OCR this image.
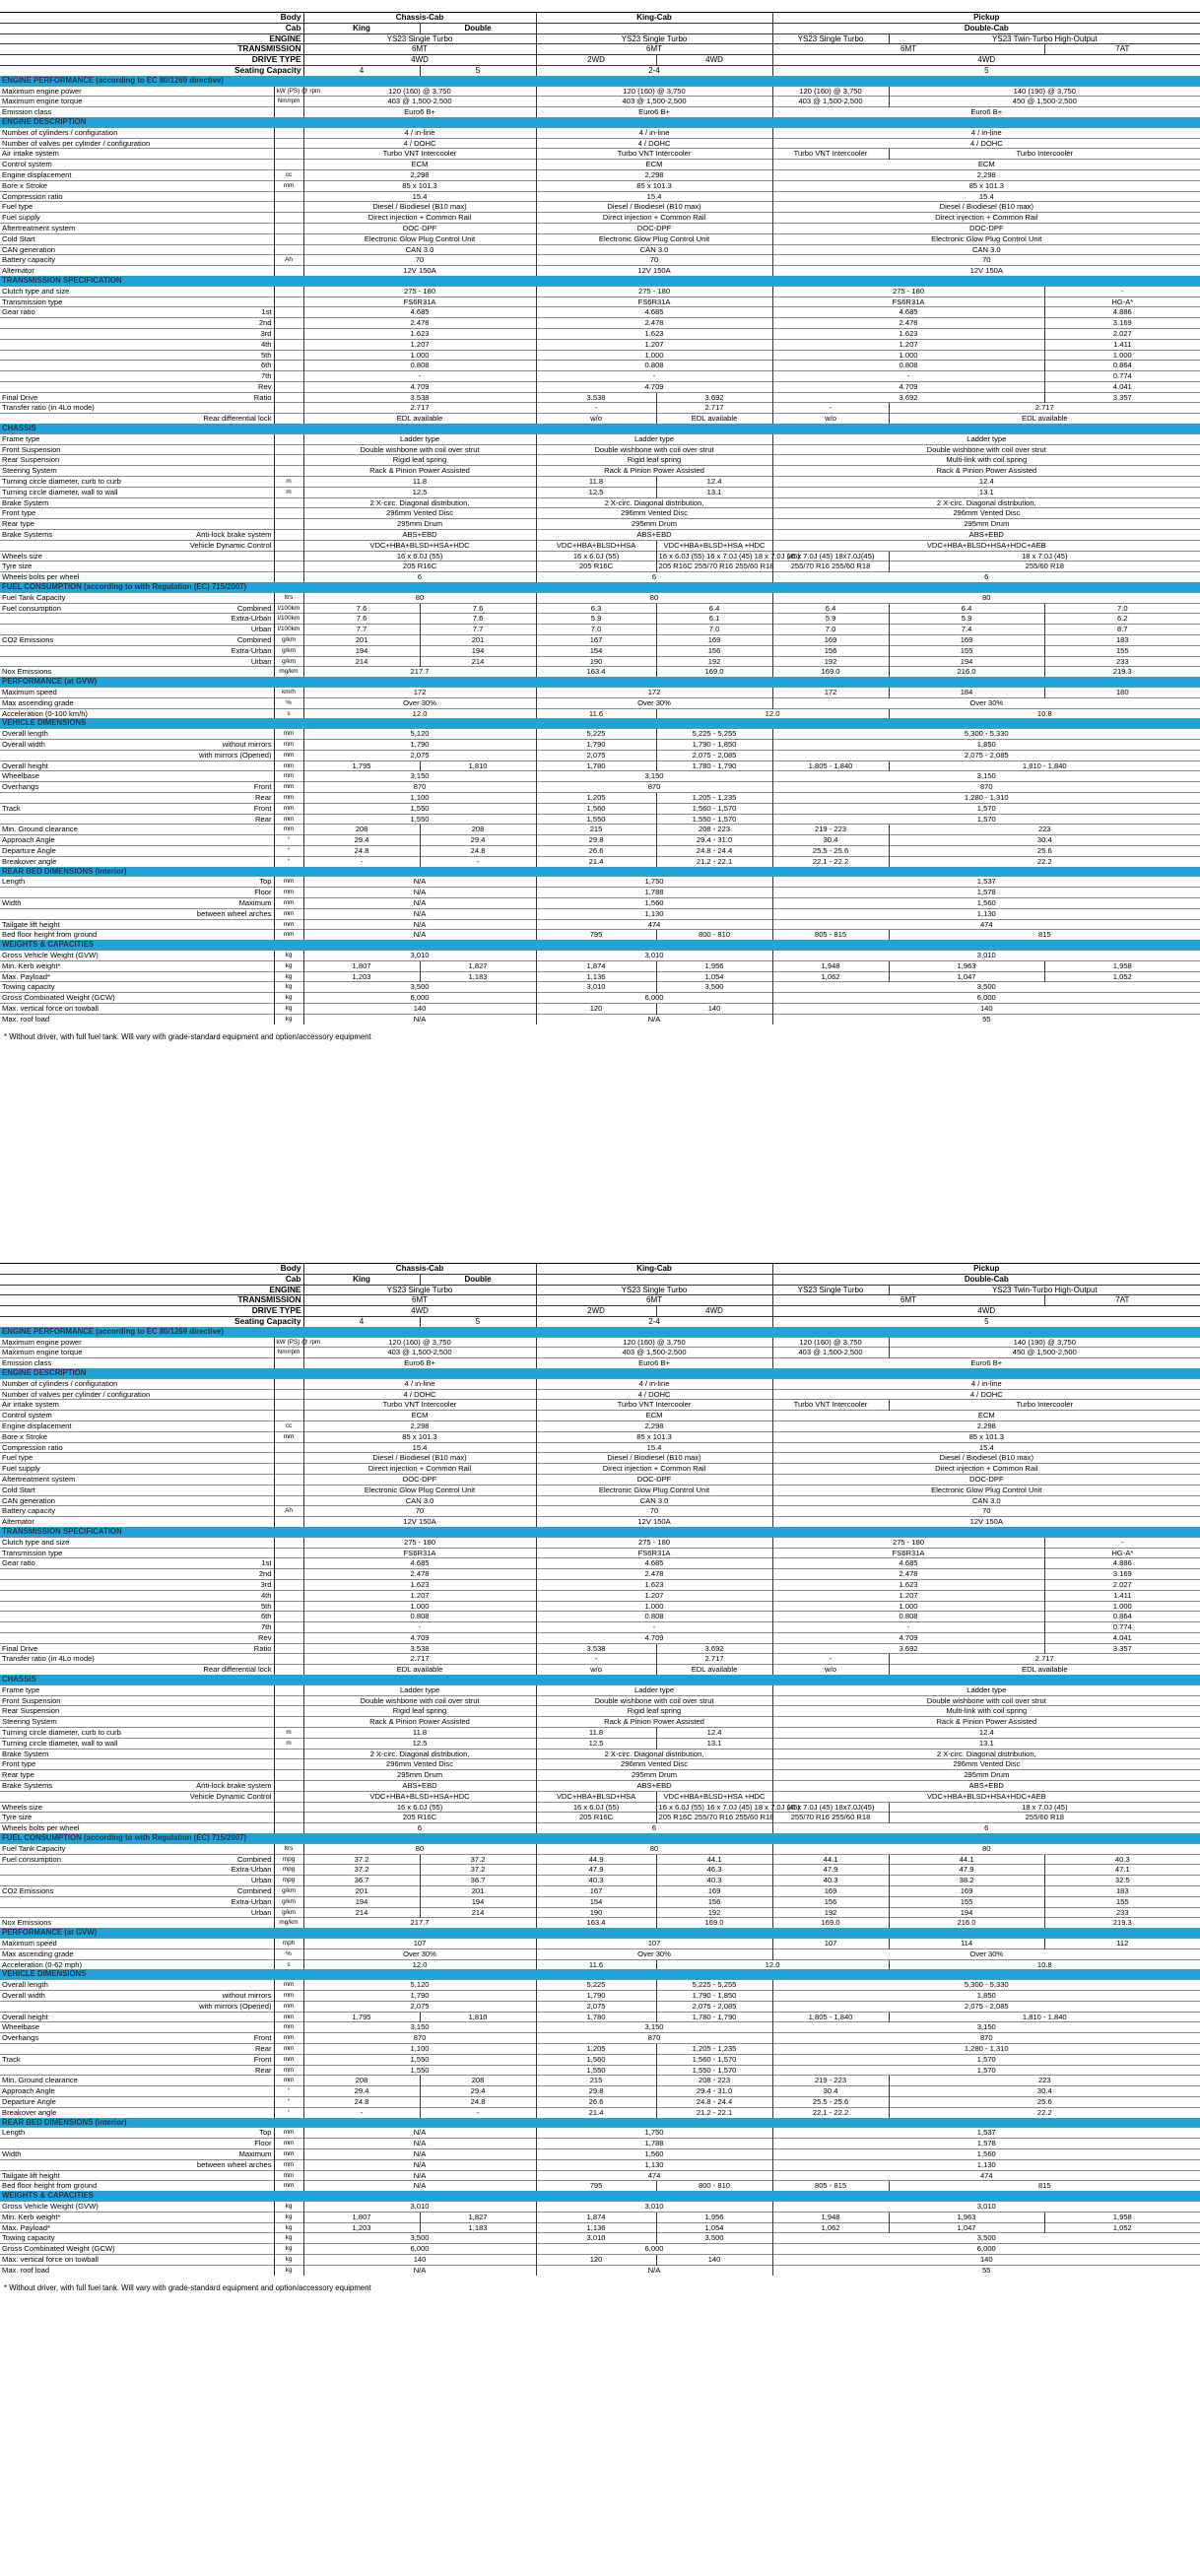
Body			Chassis-Cab		King-Cab		Pickup		
Cab			King	Double			Double-Cab		
ENGINE			YS23 Single Turbo		YS23 Single Turbo		YS23 Single Turbo	YS23 Twin-Turbo High-Output	
TRANSMISSION			6MT		6MT		6MT		7AT
DRIVE TYPE			4WD		2WD	4WD	4WD		
Seating Capacity			4	5	2-4		5		
ENGINE PERFORMANCE (according to EC 80/1269 directive)									
Maximum engine power		kW (PS) @ rpm	120 (160) @ 3,750		120 (160) @ 3,750		120 (160) @ 3,750	140 (190) @ 3,750	
Maximum engine torque		Nm/rpm	403 @ 1,500-2,500		403 @ 1,500-2,500		403 @ 1,500-2,500	450 @ 1,500-2,500	
Emission class			Euro6 B+		Euro6 B+		Euro6 B+		
ENGINE DESCRIPTION									
Number of cylinders / configuration			4 / in-line		4 / in-line		4 / in-line		
Number of valves per cylinder / configuration			4 / DOHC		4 / DOHC		4 / DOHC		
Air intake system			Turbo VNT Intercooler		Turbo VNT Intercooler		Turbo VNT Intercooler	Turbo Intercooler	
Control system			ECM		ECM		ECM		
Engine displacement		cc	2,298		2,298		2,298		
Bore x Stroke		mm	85 x 101.3		85 x 101.3		85 x 101.3		
Compression ratio			15.4		15.4		15.4		
Fuel type			Diesel / Biodiesel (B10 max)		Diesel / Biodiesel (B10 max)		Diesel / Biodiesel (B10 max)		
Fuel supply			Direct injection + Common Rail		Direct injection + Common Rail		Direct injection + Common Rail		
Aftertreatment system			DOC-DPF		DOC-DPF		DOC-DPF		
Cold Start			Electronic Glow Plug Control Unit		Electronic Glow Plug Control Unit		Electronic Glow Plug Control Unit		
CAN generation			CAN 3.0		CAN 3.0		CAN 3.0		
Battery capacity		Ah	70		70		70		
Alternator			12V 150A		12V 150A		12V 150A		
TRANSMISSION SPECIFICATION									
Clutch type and size			275 - 180		275 - 180		275 - 180		-
Transmission type			FS6R31A		FS6R31A		FS6R31A		HG-A*
Gear ratio	1st		4.685		4.685		4.685		4.886
	2nd		2.478		2.478		2.478		3.169
	3rd		1.623		1.623		1.623		2.027
	4th		1.207		1.207		1.207		1.411
	5th		1.000		1.000		1.000		1.000
	6th		0.808		0.808		0.808		0.864
	7th		-		-		-		0.774
	Rev		4.709		4.709		4.709		4.041
Final Drive	Ratio		3.538		3.538	3.692	3.692		3.357
Transfer ratio (in 4Lo mode)			2.717		-	2.717	-	2.717	
	Rear differential lock		EDL available		w/o	EDL available	w/o	EDL available	
CHASSIS									
Frame type			Ladder type		Ladder type		Ladder type		
Front Suspension			Double wishbone with coil over strut		Double wishbone with coil over strut		Double wishbone with coil over strut		
Rear Suspension			Rigid leaf spring		Rigid leaf spring		Multi-link with coil spring		
Steering System			Rack & Pinion Power Assisted		Rack & Pinion Power Assisted		Rack & Pinion Power Assisted		
Turning circle diameter, curb to curb		m	11.8		11.8	12.4	12.4		
Turning circle diameter, wall to wall		m	12.5		12.5	13.1	13.1		
Brake System			2 X-circ. Diagonal distribution,		2 X-circ. Diagonal distribution,		2 X-circ. Diagonal distribution,		
Front type			296mm Vented Disc		296mm Vented Disc		296mm Vented Disc		
Rear type			295mm Drum		295mm Drum		295mm Drum		
Brake Systems	Anti-lock brake system		ABS+EBD		ABS+EBD		ABS+EBD		
	Vehicle Dynamic Control		VDC+HBA+BLSD+HSA+HDC		VDC+HBA+BLSD+HSA	VDC+HBA+BLSD+HSA +HDC	VDC+HBA+BLSD+HSA+HDC+AEB		
Wheels size			16 x 6.0J (55)		16 x 6.0J (55)	16 x 6.0J (55) 16 x 7.0J (45) 18 x 7.0J (45)	16 x 7.0J (45) 18x7.0J(45)	18 x 7.0J (45)	
Tyre size			205 R16C		205 R16C	205 R16C 255/70 R16 255/60 R18	255/70 R16 255/60 R18	255/60 R18	
Wheels bolts per wheel			6		6		6		
FUEL CONSUMPTION (according to with Regulation (EC) 715/2007)									
Fuel Tank Capacity		ltrs	80		80		80		
Fuel consumption	Combined	l/100km	7.6	7.6	6.3	6.4	6.4	6.4	7.0
	Extra-Urban	l/100km	7.6	7.6	5.9	6.1	5.9	5.9	6.2
	Urban	l/100km	7.7	7.7	7.0	7.0	7.0	7.4	8.7
CO2 Emissions	Combined	g/km	201	201	167	169	169	169	183
	Extra-Urban	g/km	194	194	154	156	156	155	155
	Urban	g/km	214	214	190	192	192	194	233
Nox Emissions		mg/km	217.7		163.4	169.0	169.0	216.0	219.3
PERFORMANCE (at GVW)									
Maximum speed		km/h	172		172		172	184	180
Max ascending grade		%	Over 30%		Over 30%		Over 30%		
Acceleration (0-100 km/h)		s	12.0		11.6	12.0		10.8	
VEHICLE DIMENSIONS									
Overall length		mm	5,120		5,225	5,225 - 5,255	5,300 - 5,330		
Overall width	without mirrors	mm	1,790		1,790	1,790 - 1,850	1,850		
	with mirrors (Opened)	mm	2,075		2,075	2,075 - 2,085	2,075 - 2,085		
Overall height		mm	1,795	1,810	1,780	1,780 - 1,790	1,805 - 1,840	1,810 - 1,840	
Wheelbase		mm	3,150		3,150		3,150		
Overhangs	Front	mm	870		870		870		
	Rear	mm	1,100		1,205	1,205 - 1,235	1,280 - 1,310		
Track	Front	mm	1,550		1,560	1,560 - 1,570	1,570		
	Rear	mm	1,550		1,550	1,550 - 1,570	1,570		
Min. Ground clearance		mm	208	208	215	208 - 223	219 - 223	223	
Approach Angle		°	29.4	29.4	29.8	29.4 - 31.0	30.4	30.4	
Departure Angle		°	24.8	24.8	26.6	24.8 - 24.4	25.5 - 25.6	25.6	
Breakover angle		°	-	-	21.4	21.2 - 22.1	22.1 - 22.2	22.2	
REAR BED DIMENSIONS (interior)									
Length	Top	mm	N/A		1,750		1,537		
	Floor	mm	N/A		1,788		1,578		
Width	Maximum	mm	N/A		1,560		1,560		
	between wheel arches	mm	N/A		1,130		1,130		
Tailgate lift height		mm	N/A		474		474		
Bed floor height from ground		mm	N/A		795	800 - 810	805 - 815	815	
WEIGHTS & CAPACITIES									
Gross Vehicle Weight (GVW)		kg	3,010		3,010		3,010		
Min. Kerb weight*		kg	1,807	1,827	1,874	1,956	1,948	1,963	1,958
Max. Payload*		kg	1,203	1,183	1,136	1,054	1,062	1,047	1,052
Towing capacity		kg	3,500		3,010	3,500	3,500		
Gross Combinated Weight (GCW)		kg	6,000		6,000		6,000		
Max. vertical force on towball		kg	140		120	140	140		
Max. roof load		kg	N/A		N/A		55		
* Without driver, with full fuel tank. Will vary with grade-standard equipment and option/accessory equipment
Body			Chassis-Cab		King-Cab		Pickup		
Cab			King	Double			Double-Cab		
ENGINE			YS23 Single Turbo		YS23 Single Turbo		YS23 Single Turbo	YS23 Twin-Turbo High-Output	
TRANSMISSION			6MT		6MT		6MT		7AT
DRIVE TYPE			4WD		2WD	4WD	4WD		
Seating Capacity			4	5	2-4		5		
ENGINE PERFORMANCE (according to EC 80/1269 directive)									
Maximum engine power		kW (PS) @ rpm	120 (160) @ 3,750		120 (160) @ 3,750		120 (160) @ 3,750	140 (190) @ 3,750	
Maximum engine torque		Nm/rpm	403 @ 1,500-2,500		403 @ 1,500-2,500		403 @ 1,500-2,500	450 @ 1,500-2,500	
Emission class			Euro6 B+		Euro6 B+		Euro6 B+		
ENGINE DESCRIPTION									
Number of cylinders / configuration			4 / in-line		4 / in-line		4 / in-line		
Number of valves per cylinder / configuration			4 / DOHC		4 / DOHC		4 / DOHC		
Air intake system			Turbo VNT Intercooler		Turbo VNT Intercooler		Turbo VNT Intercooler	Turbo Intercooler	
Control system			ECM		ECM		ECM		
Engine displacement		cc	2,298		2,298		2,298		
Bore x Stroke		mm	85 x 101.3		85 x 101.3		85 x 101.3		
Compression ratio			15.4		15.4		15.4		
Fuel type			Diesel / Biodiesel (B10 max)		Diesel / Biodiesel (B10 max)		Diesel / Biodiesel (B10 max)		
Fuel supply			Direct injection + Common Rail		Direct injection + Common Rail		Direct injection + Common Rail		
Aftertreatment system			DOC-DPF		DOC-DPF		DOC-DPF		
Cold Start			Electronic Glow Plug Control Unit		Electronic Glow Plug Control Unit		Electronic Glow Plug Control Unit		
CAN generation			CAN 3.0		CAN 3.0		CAN 3.0		
Battery capacity		Ah	70		70		70		
Alternator			12V 150A		12V 150A		12V 150A		
TRANSMISSION SPECIFICATION									
Clutch type and size			275 - 180		275 - 180		275 - 180		-
Transmission type			FS6R31A		FS6R31A		FS6R31A		HG-A*
Gear ratio	1st		4.685		4.685		4.685		4.886
	2nd		2.478		2.478		2.478		3.169
	3rd		1.623		1.623		1.623		2.027
	4th		1.207		1.207		1.207		1.411
	5th		1.000		1.000		1.000		1.000
	6th		0.808		0.808		0.808		0.864
	7th		-		-		-		0.774
	Rev		4.709		4.709		4.709		4.041
Final Drive	Ratio		3.538		3.538	3.692	3.692		3.357
Transfer ratio (in 4Lo mode)			2.717		-	2.717	-	2.717	
	Rear differential lock		EDL available		w/o	EDL available	w/o	EDL available	
CHASSIS									
Frame type			Ladder type		Ladder type		Ladder type		
Front Suspension			Double wishbone with coil over strut		Double wishbone with coil over strut		Double wishbone with coil over strut		
Rear Suspension			Rigid leaf spring		Rigid leaf spring		Multi-link with coil spring		
Steering System			Rack & Pinion Power Assisted		Rack & Pinion Power Assisted		Rack & Pinion Power Assisted		
Turning circle diameter, curb to curb		m	11.8		11.8	12.4	12.4		
Turning circle diameter, wall to wall		m	12.5		12.5	13.1	13.1		
Brake System			2 X-circ. Diagonal distribution,		2 X-circ. Diagonal distribution,		2 X-circ. Diagonal distribution,		
Front type			296mm Vented Disc		296mm Vented Disc		296mm Vented Disc		
Rear type			295mm Drum		295mm Drum		295mm Drum		
Brake Systems	Anti-lock brake system		ABS+EBD		ABS+EBD		ABS+EBD		
	Vehicle Dynamic Control		VDC+HBA+BLSD+HSA+HDC		VDC+HBA+BLSD+HSA	VDC+HBA+BLSD+HSA +HDC	VDC+HBA+BLSD+HSA+HDC+AEB		
Wheels size			16 x 6.0J (55)		16 x 6.0J (55)	16 x 6.0J (55) 16 x 7.0J (45) 18 x 7.0J (45)	16 x 7.0J (45) 18x7.0J(45)	18 x 7.0J (45)	
Tyre size			205 R16C		205 R16C	205 R16C 255/70 R16 255/60 R18	255/70 R16 255/60 R18	255/60 R18	
Wheels bolts per wheel			6		6		6		
FUEL CONSUMPTION (according to with Regulation (EC) 715/2007)									
Fuel Tank Capacity		ltrs	80		80		80		
Fuel consumption	Combined	mpg	37.2	37.2	44.9	44.1	44.1	44.1	40.3
	Extra-Urban	mpg	37.2	37.2	47.9	46.3	47.9	47.9	47.1
	Urban	mpg	36.7	36.7	40.3	40.3	40.3	38.2	32.5
CO2 Emissions	Combined	g/km	201	201	167	169	169	169	183
	Extra-Urban	g/km	194	194	154	156	156	155	155
	Urban	g/km	214	214	190	192	192	194	233
Nox Emissions		mg/km	217.7		163.4	169.0	169.0	216.0	219.3
PERFORMANCE (at GVW)									
Maximum speed		mph	107		107		107	114	112
Max ascending grade		%	Over 30%		Over 30%		Over 30%		
Acceleration (0-62 mph)		s	12.0		11.6	12.0		10.8	
VEHICLE DIMENSIONS									
Overall length		mm	5,120		5,225	5,225 - 5,255	5,300 - 5,330		
Overall width	without mirrors	mm	1,790		1,790	1,790 - 1,850	1,850		
	with mirrors (Opened)	mm	2,075		2,075	2,075 - 2,085	2,075 - 2,085		
Overall height		mm	1,795	1,810	1,780	1,780 - 1,790	1,805 - 1,840	1,810 - 1,840	
Wheelbase		mm	3,150		3,150		3,150		
Overhangs	Front	mm	870		870		870		
	Rear	mm	1,100		1,205	1,205 - 1,235	1,280 - 1,310		
Track	Front	mm	1,550		1,560	1,560 - 1,570	1,570		
	Rear	mm	1,550		1,550	1,550 - 1,570	1,570		
Min. Ground clearance		mm	208	208	215	208 - 223	219 - 223	223	
Approach Angle		°	29.4	29.4	29.8	29.4 - 31.0	30.4	30.4	
Departure Angle		°	24.8	24.8	26.6	24.8 - 24.4	25.5 - 25.6	25.6	
Breakover angle		°	-	-	21.4	21.2 - 22.1	22.1 - 22.2	22.2	
REAR BED DIMENSIONS (interior)									
Length	Top	mm	N/A		1,750		1,537		
	Floor	mm	N/A		1,788		1,578		
Width	Maximum	mm	N/A		1,560		1,560		
	between wheel arches	mm	N/A		1,130		1,130		
Tailgate lift height		mm	N/A		474		474		
Bed floor height from ground		mm	N/A		795	800 - 810	805 - 815	815	
WEIGHTS & CAPACITIES									
Gross Vehicle Weight (GVW)		kg	3,010		3,010		3,010		
Min. Kerb weight*		kg	1,807	1,827	1,874	1,956	1,948	1,963	1,958
Max. Payload*		kg	1,203	1,183	1,136	1,054	1,062	1,047	1,052
Towing capacity		kg	3,500		3,010	3,500	3,500		
Gross Combinated Weight (GCW)		kg	6,000		6,000		6,000		
Max. vertical force on towball		kg	140		120	140	140		
Max. roof load		kg	N/A		N/A		55		
* Without driver, with full fuel tank. Will vary with grade-standard equipment and option/accessory equipment
